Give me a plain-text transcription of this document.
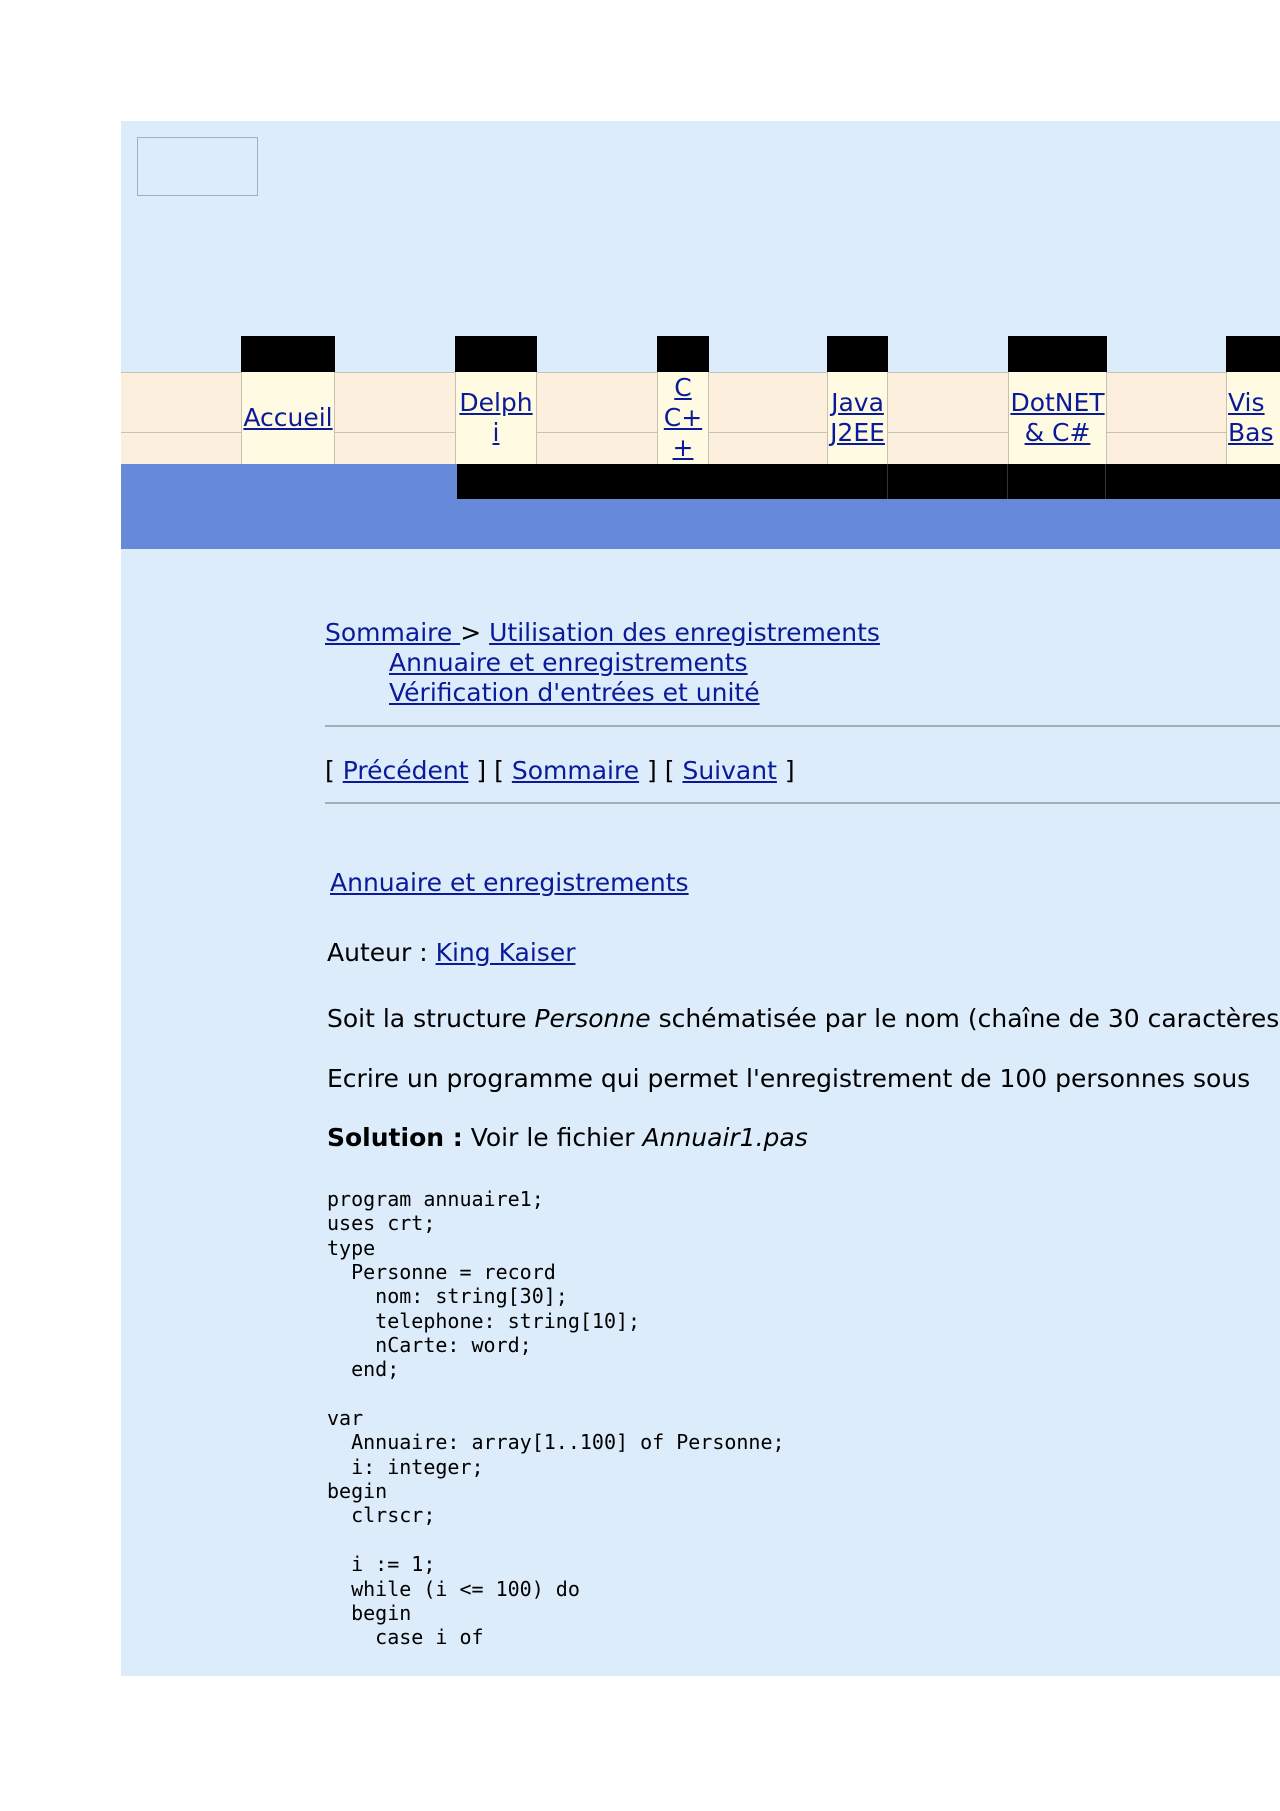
Accueil
Delph
i
C
C+
+
Java
J2EE
DotNET
& C#
Vis
Bas
Sommaire > Utilisation des enregistrements
Annuaire et enregistrements
Vérification d'entrées et unité
[ Précédent ] [ Sommaire ] [ Suivant ]
Annuaire et enregistrements
Auteur : King Kaiser
Soit la structure Personne schématisée par le nom (chaîne de 30 caractères
Ecrire un programme qui permet l'enregistrement de 100 personnes sous
Solution : Voir le fichier Annuair1.pas
program annuaire1;
uses crt;
type
Personne = record
nom: string[30];
telephone: string[10];
nCarte: word;
end;

var
Annuaire: array[1..100] of Personne;
i: integer;
begin
clrscr;

i := 1;
while (i <= 100) do
begin
case i of
